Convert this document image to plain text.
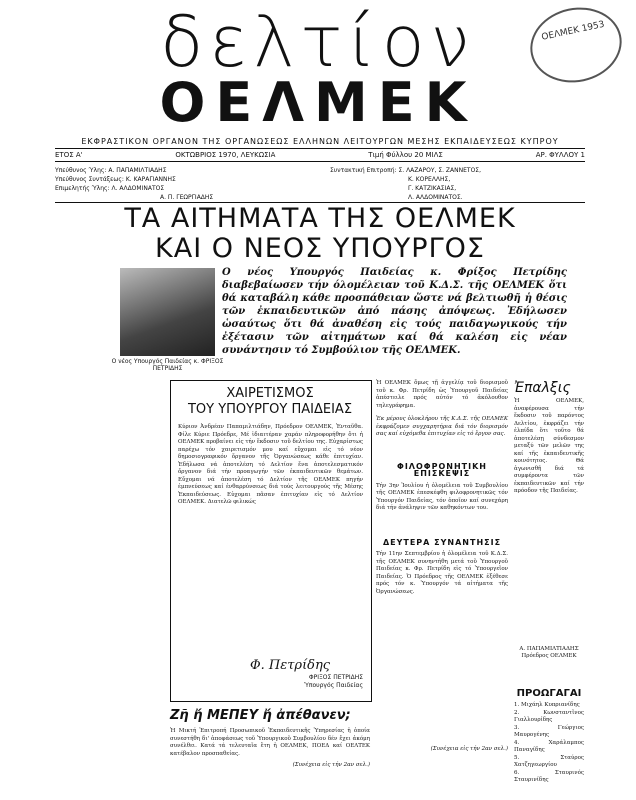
δελτίον
ΟΕΛΜΕΚ

ΟΕΛΜΕΚ 1953
ΕΚΦΡΑΣΤΙΚΟΝ ΟΡΓΑΝΟΝ ΤΗΣ ΟΡΓΑΝΩΣΕΩΣ ΕΛΛΗΝΩΝ ΛΕΙΤΟΥΡΓΩΝ ΜΕΣΗΣ ΕΚΠΑΙΔΕΥΣΕΩΣ ΚΥΠΡΟΥ
ΕΤΟΣ Α'	ΟΚΤΩΒΡΙΟΣ 1970, ΛΕΥΚΩΣΙΑ	Τιμή Φύλλου 20 ΜΙΛΣ	ΑΡ. ΦΥΛΛΟΥ 1
Υπεύθυνος Ύλης: Α. ΠΑΠΑΜΙΛΤΙΑΔΗΣ
Υπεύθυνος Συντάξεως: Κ. ΚΑΡΑΓΙΑΝΝΗΣ
Επιμελητής Ύλης: Λ. ΑΛΔΟΜΙΝΑΤΟΣ
Α. Π. ΓΕΩΡΓΙΑΔΗΣ
Συντακτική Επιτροπή: Σ. ΛΑΖΑΡΟΥ, Σ. ΖΑΝΝΕΤΟΣ,
Κ. ΚΟΡΕΛΛΗΣ,
Γ. ΚΑΤΖΙΚΑΣΙΑΣ,
Λ. ΑΛΔΟΜΙΝΑΤΟΣ.
ΤΑ ΑΙΤΗΜΑΤΑ ΤΗΣ ΟΕΛΜΕΚ
ΚΑΙ Ο ΝΕΟΣ ΥΠΟΥΡΓΟΣ
Ο νέος Υπουργός Παιδείας κ. ΦΡΙΞΟΣ ΠΕΤΡΙΔΗΣ
Ο νέος Υπουργός Παιδείας κ. Φρίξος Πετρίδης διαβεβαίωσεν τήν όλομέλειαν τοῦ Κ.Δ.Σ. τῆς ΟΕΛΜΕΚ ὅτι θά καταβάλη κάθε προσπάθειαν ὥστε νά βελτιωθῆ ἡ θέσις τῶν ἐκπαιδευτικῶν ἀπό πάσης ἀπόψεως. Ἐδήλωσεν ὡσαύτως ὅτι θά ἀναθέση εἰς τούς παιδαγωγικούς τήν ἐξέτασιν τῶν αἰτημάτων καί θά καλέση εἰς νέαν συνάντησιν τό Συμβούλιον τῆς ΟΕΛΜΕΚ.
ΧΑΙΡΕΤΙΣΜΟΣ
ΤΟΥ ΥΠΟΥΡΓΟΥ ΠΑΙΔΕΙΑΣ
Κύριον Ἀνδρέαν Παπαμιλτιάδην, Πρόεδρον ΟΕΛΜΕΚ, Ἐνταῦθα. Φίλε Κύριε Πρόεδρε, Μέ ἰδιαιτέραν χαράν πληροφορήθην ὅτι ἡ ΟΕΛΜΕΚ προβαίνει εἰς τήν ἔκδοσιν τοῦ δελτίου της. Εὐχαρίστως παρέχω τόν χαιρετισμόν μου καί εὔχομαι εἰς τό νέον δημοσιογραφικόν ὄργανον τῆς Ὀργανώσεως κάθε ἐπιτυχίαν. Ἐδήλωσα νά ἀποτελέση τό Δελτίον ἔνα ἀποτελεσματικόν ὄργανον διά τήν προαγωγήν τῶν ἐκπαιδευτικῶν θεμάτων. Εὔχομαι νά ἀποτελέση τό Δελτίον τῆς ΟΕΛΜΕΚ πηγήν ἐμπνεύσεως καί ἐνθαρρύνσεως διά τούς λειτουργούς τῆς Μέσης Ἐκπαιδεύσεως. Εὐχομαι πᾶσαν ἐπιτυχίαν εἰς τό Δελτίον ΟΕΛΜΕΚ. Διατελῶ φιλικώς
Φ. Πετρίδης
ΦΡΙΞΟΣ ΠΕΤΡΙΔΗΣ
Ὑπουργός Παιδείας
Ἡ ΟΕΛΜΕΚ ὅμως τῇ ἀγγελίᾳ τοῦ διορισμοῦ τοῦ κ. Φρ. Πετρίδη ὡς Ὑπουργοῦ Παιδείας ἀπέστειλε πρός αὐτόν τό ἀκόλουθον τηλεγράφημα.
Ἐκ μέρους ὁλοκλήρου τῆς Κ.Δ.Σ. τῆς ΟΕΛΜΕΚ ἐκφράζομεν συγχαρητήρια διά τόν διορισμόν σας καί εὐχόμεθα ἐπιτυχίαν εἰς τό ἔργον σας.
ΦΙΛΟΦΡΟΝΗΤΙΚΗ ΕΠΙΣΚΕΨΙΣ
Τήν 3ην Ἰουλίου ἡ ὁλομέλεια τοῦ Συμβουλίου τῆς ΟΕΛΜΕΚ ἐπεσκέφθη φιλοφρονητικῶς τόν Ὑπουργόν Παιδείας, τόν ὁποῖον καί συνεχάρη διά τήν ἀνάληψιν τῶν καθηκόντων του.
ΔΕΥΤΕΡΑ ΣΥΝΑΝΤΗΣΙΣ
Τήν 11ην Σεπτεμβρίου ἡ ὁλομέλεια τοῦ Κ.Δ.Σ. τῆς ΟΕΛΜΕΚ συνηντήθη μετά τοῦ Ὑπουργοῦ Παιδείας κ. Φρ. Πετρίδη εἰς τό Ὑπουργεῖον Παιδείας. Ὁ Πρόεδρος τῆς ΟΕΛΜΕΚ ἐξέθεσε πρός τόν κ. Ὑπουργόν τά αἰτήματα τῆς Ὀργανώσεως.
(Συνέχεια εἰς τήν 2αν σελ.)
Ἐπαλξις
Ἡ ΟΕΛΜΕΚ, ἀναφέρουσα τήν ἔκδοσιν τοῦ παρόντος Δελτίου, ἐκφράζει τήν ἐλπίδα ὅτι τοῦτο θά ἀποτελέσῃ σύνδεσμον μεταξύ τῶν μελῶν της καί τῆς ἐκπαιδευτικῆς κοινότητος. Θά ἀγωνισθῆ διά τά συμφέροντα τῶν ἐκπαιδευτικῶν καί τήν πρόοδον τῆς Παιδείας.
Α. ΠΑΠΑΜΙΛΤΙΑΔΗΣ
Πρόεδρος ΟΕΛΜΕΚ
ΠΡΟΩΓΑΓΑΙ
1. Μιχάηλ Κυπριανίδης
2. Κωνσταντῖνος Γιαλλουρίδης
3. Γεώργιος Μαυρογένης
4. Χαράλαμπος Παναγίδης
5. Σταύρος Χατζηγεωργίου
6. Σταυρινός Σταυρινίδης
Ζῆ ἤ ΜΕΠΕΥ ἤ ἀπέθανεν;
Ἡ Μικτή Ἐπιτροπή Προσωπικοῦ Ἐκπαιδευτικῆς Ὑπηρεσίας ἡ ὁποία συνεστήθη δι' ἀποφάσεως τοῦ Ὑπουργικοῦ Συμβουλίου δέν ἔχει ἀκόμη συνέλθει. Κατά τά τελευταῖα ἔτη ἡ ΟΕΛΜΕΚ, ΠΟΕΔ καί ΟΕΛΤΕΚ κατέβαλον προσπαθείας.
(Συνέχεια εἰς τήν 2αν σελ.)
